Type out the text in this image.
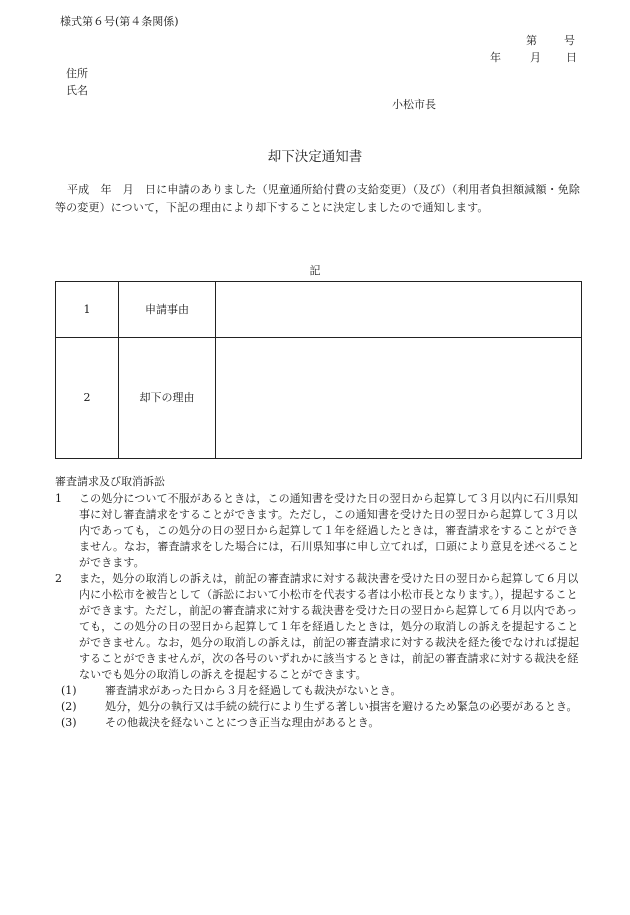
様式第６号(第４条関係)
第 号
年	月 日
住所
氏名
小松市長
却下決定通知書
平成　年　月　日に申請のありました（児童通所給付費の支給変更）（及び）（利用者負担額減額・免除等の変更）について，下記の理由により却下することに決定しましたので通知します。
記
1	申請事由	
2	却下の理由	
審査請求及び取消訴訟
1 この処分について不服があるときは，この通知書を受けた日の翌日から起算して３月以内に石川県知事に対し審査請求をすることができます。ただし，この通知書を受けた日の翌日から起算して３月以内であっても，この処分の日の翌日から起算して１年を経過したときは，審査請求をすることができません。なお，審査請求をした場合には，石川県知事に申し立てれば，口頭により意見を述べることができます。
2 また，処分の取消しの訴えは，前記の審査請求に対する裁決書を受けた日の翌日から起算して６月以内に小松市を被告として（訴訟において小松市を代表する者は小松市長となります。），提起することができます。ただし，前記の審査請求に対する裁決書を受けた日の翌日から起算して６月以内であっても，この処分の日の翌日から起算して１年を経過したときは，処分の取消しの訴えを提起することができません。なお，処分の取消しの訴えは，前記の審査請求に対する裁決を経た後でなければ提起することができませんが，次の各号のいずれかに該当するときは，前記の審査請求に対する裁決を経ないでも処分の取消しの訴えを提起することができます。
(1)	審査請求があった日から３月を経過しても裁決がないとき。
(2)	処分，処分の執行又は手続の続行により生ずる著しい損害を避けるため緊急の必要があるとき。
(3)	その他裁決を経ないことにつき正当な理由があるとき。
